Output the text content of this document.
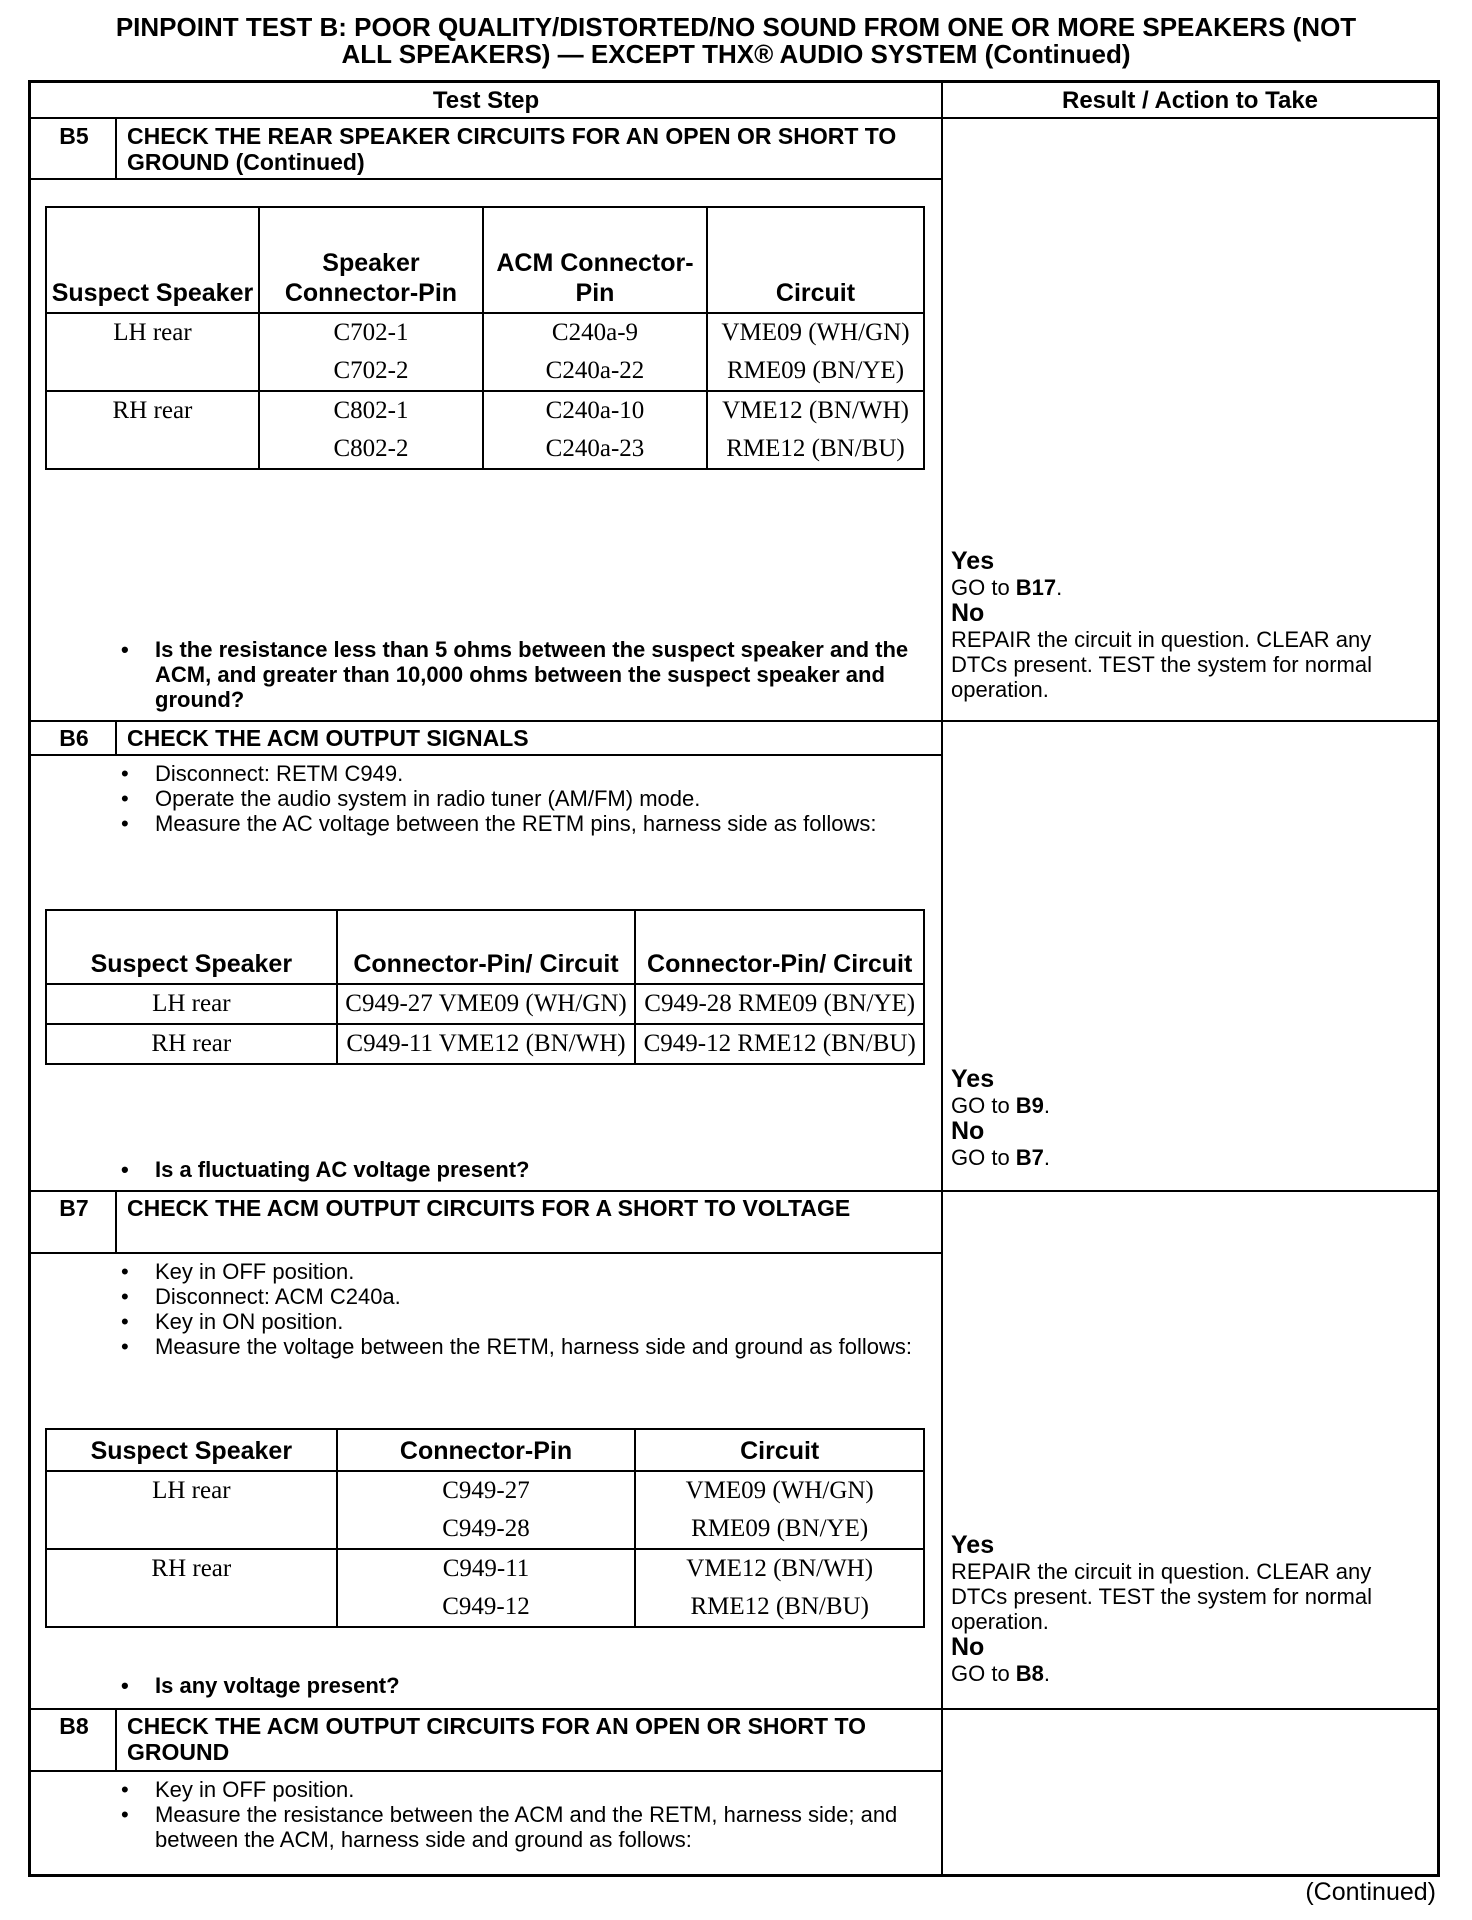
PINPOINT TEST B: POOR QUALITY/DISTORTED/NO SOUND FROM ONE OR MORE SPEAKERS (NOT
ALL SPEAKERS) — EXCEPT THX® AUDIO SYSTEM (Continued)
Test Step	Result / Action to Take
B5	CHECK THE REAR SPEAKER CIRCUITS FOR AN OPEN OR SHORT TO GROUND (Continued)
Suspect Speaker	Speaker Connector-Pin	ACM Connector-Pin	Circuit
LH rear	C702-1	C240a-9	VME09 (WH/GN)
	C702-2	C240a-22	RME09 (BN/YE)
RH rear	C802-1	C240a-10	VME12 (BN/WH)
	C802-2	C240a-23	RME12 (BN/BU)
• Is the resistance less than 5 ohms between the suspect speaker and the ACM, and greater than 10,000 ohms between the suspect speaker and ground?
Yes
GO to B17.
No
REPAIR the circuit in question. CLEAR any DTCs present. TEST the system for normal operation.
B6	CHECK THE ACM OUTPUT SIGNALS
• Disconnect: RETM C949.
• Operate the audio system in radio tuner (AM/FM) mode.
• Measure the AC voltage between the RETM pins, harness side as follows:
Suspect Speaker	Connector-Pin/ Circuit	Connector-Pin/ Circuit
LH rear	C949-27 VME09 (WH/GN)	C949-28 RME09 (BN/YE)
RH rear	C949-11 VME12 (BN/WH)	C949-12 RME12 (BN/BU)
• Is a fluctuating AC voltage present?
Yes
GO to B9.
No
GO to B7.
B7	CHECK THE ACM OUTPUT CIRCUITS FOR A SHORT TO VOLTAGE
• Key in OFF position.
• Disconnect: ACM C240a.
• Key in ON position.
• Measure the voltage between the RETM, harness side and ground as follows:
Suspect Speaker	Connector-Pin	Circuit
LH rear	C949-27	VME09 (WH/GN)
	C949-28	RME09 (BN/YE)
RH rear	C949-11	VME12 (BN/WH)
	C949-12	RME12 (BN/BU)
• Is any voltage present?
Yes
REPAIR the circuit in question. CLEAR any DTCs present. TEST the system for normal operation.
No
GO to B8.
B8	CHECK THE ACM OUTPUT CIRCUITS FOR AN OPEN OR SHORT TO GROUND
• Key in OFF position.
• Measure the resistance between the ACM and the RETM, harness side; and between the ACM, harness side and ground as follows:
(Continued)
